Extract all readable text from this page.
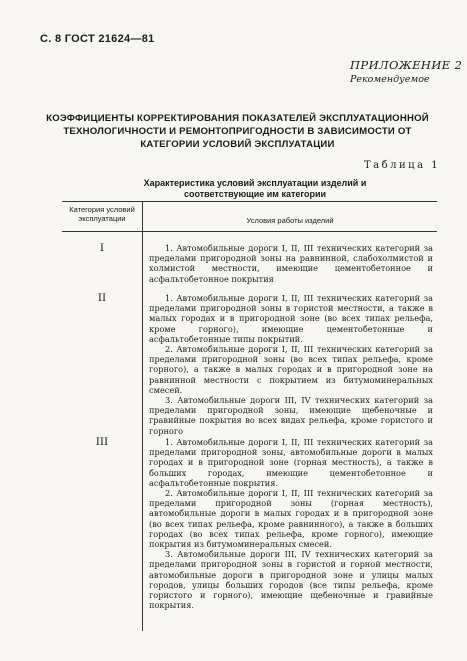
С. 8 ГОСТ 21624—81
ПРИЛОЖЕНИЕ 2
Рекомендуемое
КОЭФФИЦИЕНТЫ КОРРЕКТИРОВАНИЯ ПОКАЗАТЕЛЕЙ ЭКСПЛУАТАЦИОННОЙ ТЕХНОЛОГИЧНОСТИ И РЕМОНТОПРИГОДНОСТИ В ЗАВИСИМОСТИ ОТ КАТЕГОРИИ УСЛОВИЙ ЭКСПЛУАТАЦИИ
Таблица 1
Характеристика условий эксплуатации изделий и соответствующие им категории
Категория условий эксплуатации	Условия работы изделий
I	1. Автомобильные дороги I, II, III технических категорий за пределами пригородной зоны на равнинной, слабохолмистой и холмистой местности, имеющие цементобетонное и асфальтобетонное покрытия

II	1. Автомобильные дороги I, II, III технических категорий за пределами пригородной зоны в гористой местности, а также в малых городах и в пригородной зоне (во всех типах рельефа, кроме горного), имеющие цементобетонные и асфальтобетонные типы покрытий.

2. Автомобильные дороги I, II, III технических категорий за пределами пригородной зоны (во всех типах рельефа, кроме горного), а также в малых городах и в пригородной зоне на равнинной местности с покрытием из битумоминеральных смесей.

3. Автомобильные дороги III, IV технических категорий за пределами пригородной зоны, имеющие щебеночные и гравийные покрытия во всех видах рельефа, кроме гористого и горного

III	1. Автомобильные дороги I, II, III технических категорий за пределами пригородной зоны, автомобильные дороги в малых городах и в пригородной зоне (горная местность), а также в больших городах, имеющие цементобетонное и асфальтобетонные покрытия.

2. Автомобильные дороги I, II, III технических категорий за пределами пригородной зоны (горная местность), автомобильные дороги в малых городах и в пригородной зоне (во всех типах рельефа, кроме равнинного), а также в больших городах (во всех типах рельефа, кроме горного), имеющие покрытия из битумоминеральных смесей.

3. Автомобильные дороги III, IV технических категорий за пределами пригородной зоны в гористой и горной местности, автомобильные дороги в пригородной зоне и улицы малых городов, улицы больших городов (все типы рельефа, кроме гористого и горного), имеющие щебеночные и гравийные покрытия.
